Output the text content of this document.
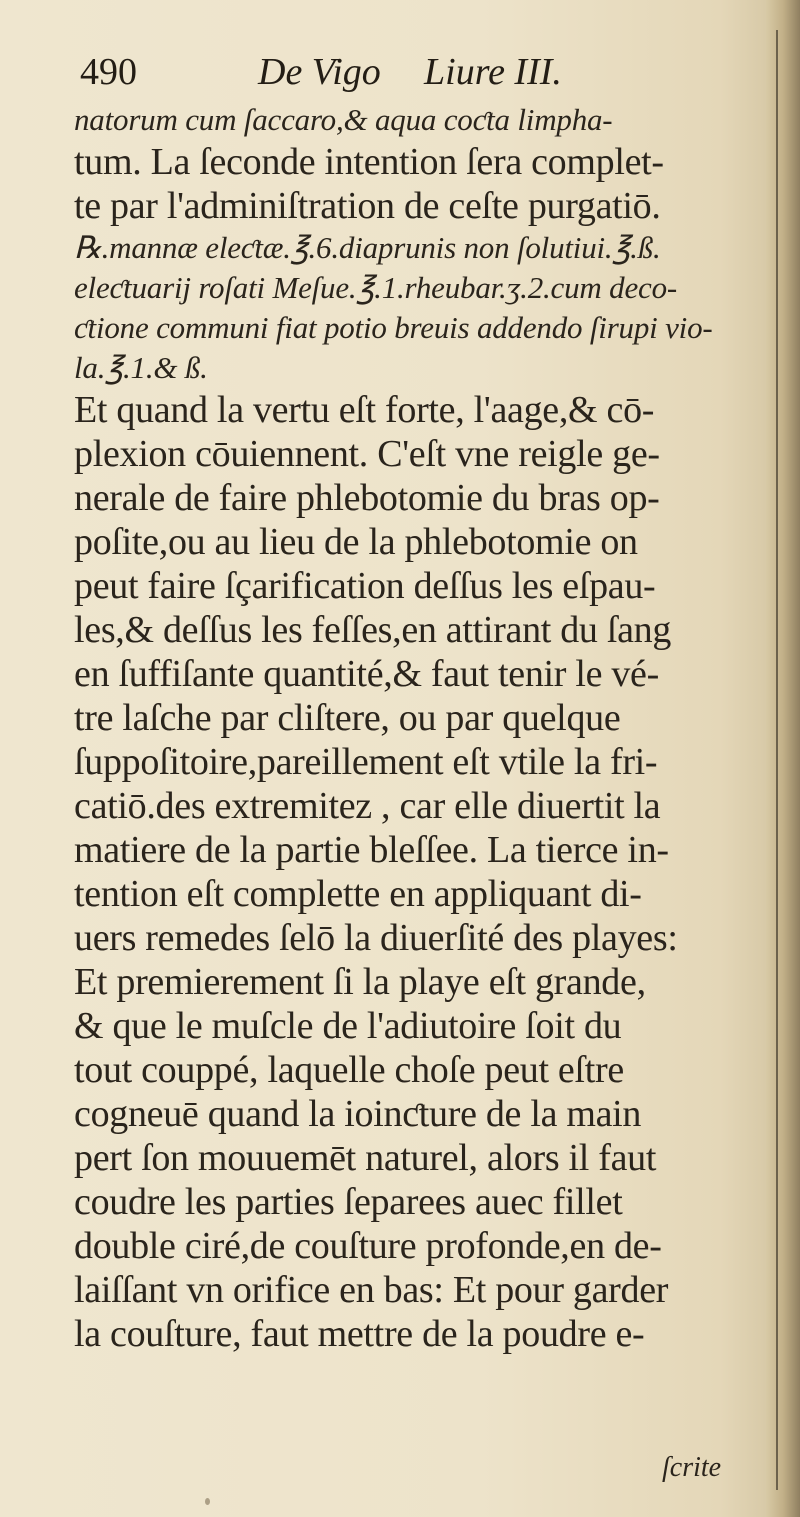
490	De Vigo Liure III.
natorum cum ſaccaro,& aqua coƈta limpha-
tum. La ſeconde intention ſera complet-
te par l'adminiſtration de ceſte purgatiō.
℞.mannæ eleƈtæ.℥.6.diaprunis non ſolutiui.℥.ß.
eleƈtuarij roſati Meſue.℥.1.rheubar.ʒ.2.cum deco-
ƈtione communi fiat potio breuis addendo ſirupi vio-
la.℥.1.& ß.
Et quand la vertu eſt forte, l'aage,& cō-
plexion cōuiennent. C'eſt vne reigle ge-
nerale de faire phlebotomie du bras op-
poſite,ou au lieu de la phlebotomie on
peut faire ſçarification deſſus les eſpau-
les,& deſſus les feſſes,en attirant du ſang
en ſuffiſante quantité,& faut tenir le vé-
tre laſche par cliſtere, ou par quelque
ſuppoſitoire,pareillement eſt vtile la fri-
catiō.des extremitez , car elle diuertit la
matiere de la partie bleſſee. La tierce in-
tention eſt complette en appliquant di-
uers remedes ſelō la diuerſité des playes:
Et premierement ſi la playe eſt grande,
& que le muſcle de l'adiutoire ſoit du
tout couppé, laquelle choſe peut eſtre
cogneuē quand la ioinƈture de la main
pert ſon mouuemēt naturel, alors il faut
coudre les parties ſeparees auec fillet
double ciré,de couſture profonde,en de-
laiſſant vn orifice en bas: Et pour garder
la couſture, faut mettre de la poudre e-
ſcrite
